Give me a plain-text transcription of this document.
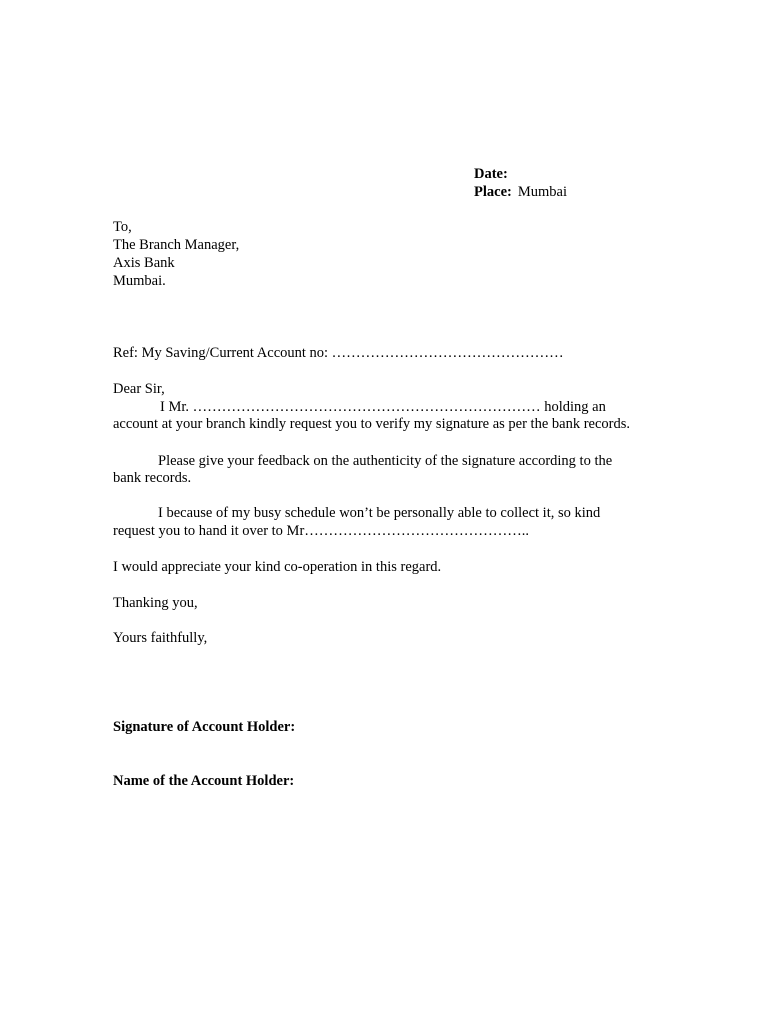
Date:
Place: Mumbai
To,
The Branch Manager,
Axis Bank
Mumbai.
Ref: My Saving/Current Account no: …………………………………………
Dear Sir,
I Mr. ……………………………………………………………… holding an
account at your branch kindly request you to verify my signature as per the bank records.
Please give your feedback on the authenticity of the signature according to the
bank records.
I because of my busy schedule won’t be personally able to collect it, so kind
request you to hand it over to Mr………………………………………..
I would appreciate your kind co-operation in this regard.
Thanking you,
Yours faithfully,
Signature of Account Holder:
Name of the Account Holder:
